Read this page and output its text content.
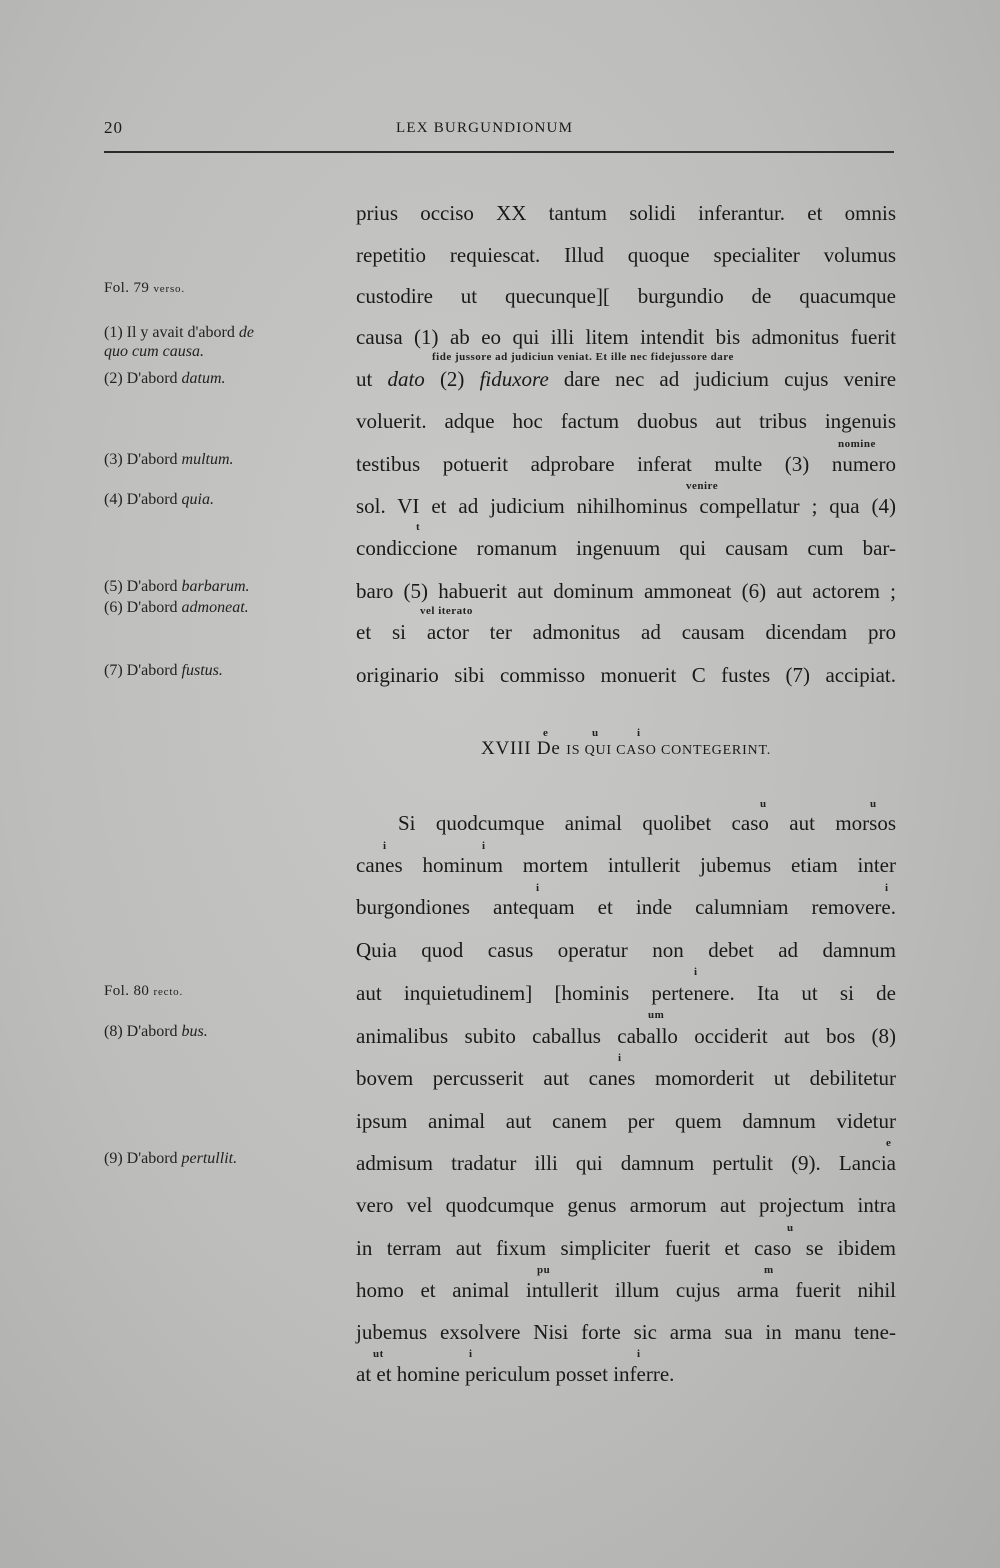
20	LEX BURGUNDIONUM
Fol. 79 verso.
(1) Il y avait d'abord de
quo cum causa.
(2) D'abord datum.
(3) D'abord multum.
(4) D'abord quia.
(5) D'abord barbarum.
(6) D'abord admoneat.
(7) D'abord fustus.
Fol. 80 recto.
(8) D'abord bus.
(9) D'abord pertullit.
prius occiso XX tantum solidi inferantur. et omnis
repetitio requiescat. Illud quoque specialiter volumus
custodire ut quecunque][ burgundio de quacumque
causa (1) ab eo qui illi litem intendit bis admonitus fuerit
fide jussore ad judiciun veniat. Et ille nec fidejussore dare
ut dato (2) fiduxore dare nec ad judicium cujus venire
voluerit. adque hoc factum duobus aut tribus ingenuis
nomine
testibus potuerit adprobare inferat multe (3) numero
venire
sol. VI et ad judicium nihilhominus compellatur ; qua (4)
t
condiccione romanum ingenuum qui causam cum bar-
baro (5) habuerit aut dominum ammoneat (6) aut actorem ;
vel iterato
et si actor ter admonitus ad causam dicendam pro
originario sibi commisso monuerit C fustes (7) accipiat.
e	u	i
XVIII De IS QUI CASO CONTEGERINT.
u	u
Si quodcumque animal quolibet caso aut morsos
i	i
canes hominum mortem intullerit jubemus etiam inter
i	i
burgondiones antequam et inde calumniam removere.
Quia quod casus operatur non debet ad damnum
i
aut inquietudinem] [hominis pertenere. Ita ut si de
um
animalibus subito caballus caballo occiderit aut bos (8)
i
bovem percusserit aut canes momorderit ut debilitetur
ipsum animal aut canem per quem damnum videtur
e
admisum tradatur illi qui damnum pertulit (9). Lancia
vero vel quodcumque genus armorum aut projectum intra
u
in terram aut fixum simpliciter fuerit et caso se ibidem
pu	m
homo et animal intullerit illum cujus arma fuerit nihil
jubemus exsolvere Nisi forte sic arma sua in manu tene-
ut	i	i
at et homine periculum posset inferre.
